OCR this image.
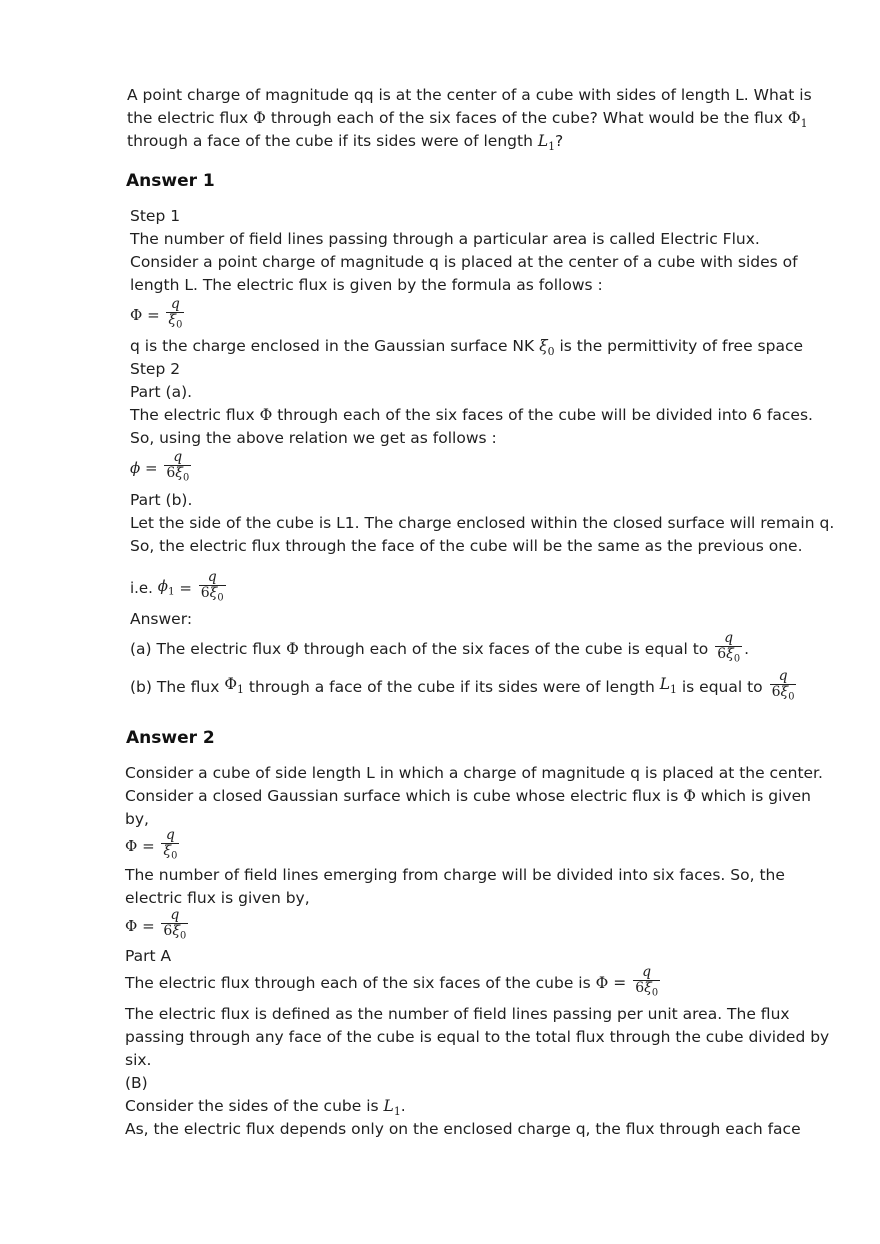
A point charge of magnitude qq is at the center of a cube with sides of length L. What is
the electric flux Φ through each of the six faces of the cube? What would be the flux $\Phi_1$
through a face of the cube if its sides were of length $L_1$?
Answer 1
Step 1
The number of field lines passing through a particular area is called Electric Flux.
Consider a point charge of magnitude q is placed at the center of a cube with sides of
length L. The electric flux is given by the formula as follows :
$\Phi = \frac{q}{\xi_0}$
q is the charge enclosed in the Gaussian surface NK $\xi_0$ is the permittivity of free space
Step 2
Part (a).
The electric flux Φ through each of the six faces of the cube will be divided into 6 faces.
So, using the above relation we get as follows :
$\phi = \frac{q}{6\xi_0}$
Part (b).
Let the side of the cube is L1. The charge enclosed within the closed surface will remain q.
So, the electric flux through the face of the cube will be the same as the previous one.
i.e.
$\phi_1 = \frac{q}{6\xi_0}$
Answer:
(a) The electric flux
Φ
through each of the six faces of the cube is equal to
$\frac{q}{6\xi_0}$ .
(b) The flux
$\Phi_1$
through a face of the cube if its sides were of length
$L_1$
is equal to
$\frac{q}{6\xi_0}$
Answer 2
Consider a cube of side length L in which a charge of magnitude q is placed at the center.
Consider a closed Gaussian surface which is cube whose electric flux is Φ which is given
by,
$\Phi = \frac{q}{\xi_0}$
The number of field lines emerging from charge will be divided into six faces. So, the
electric flux is given by,
$\Phi = \frac{q}{6\xi_0}$
Part A
The electric flux through each of the six faces of the cube is
Φ =
$\frac{q}{6\xi_0}$
The electric flux is defined as the number of field lines passing per unit area. The flux
passing through any face of the cube is equal to the total flux through the cube divided by
six.
(B)
Consider the sides of the cube is $L_1$.
As, the electric flux depends only on the enclosed charge q, the flux through each face
